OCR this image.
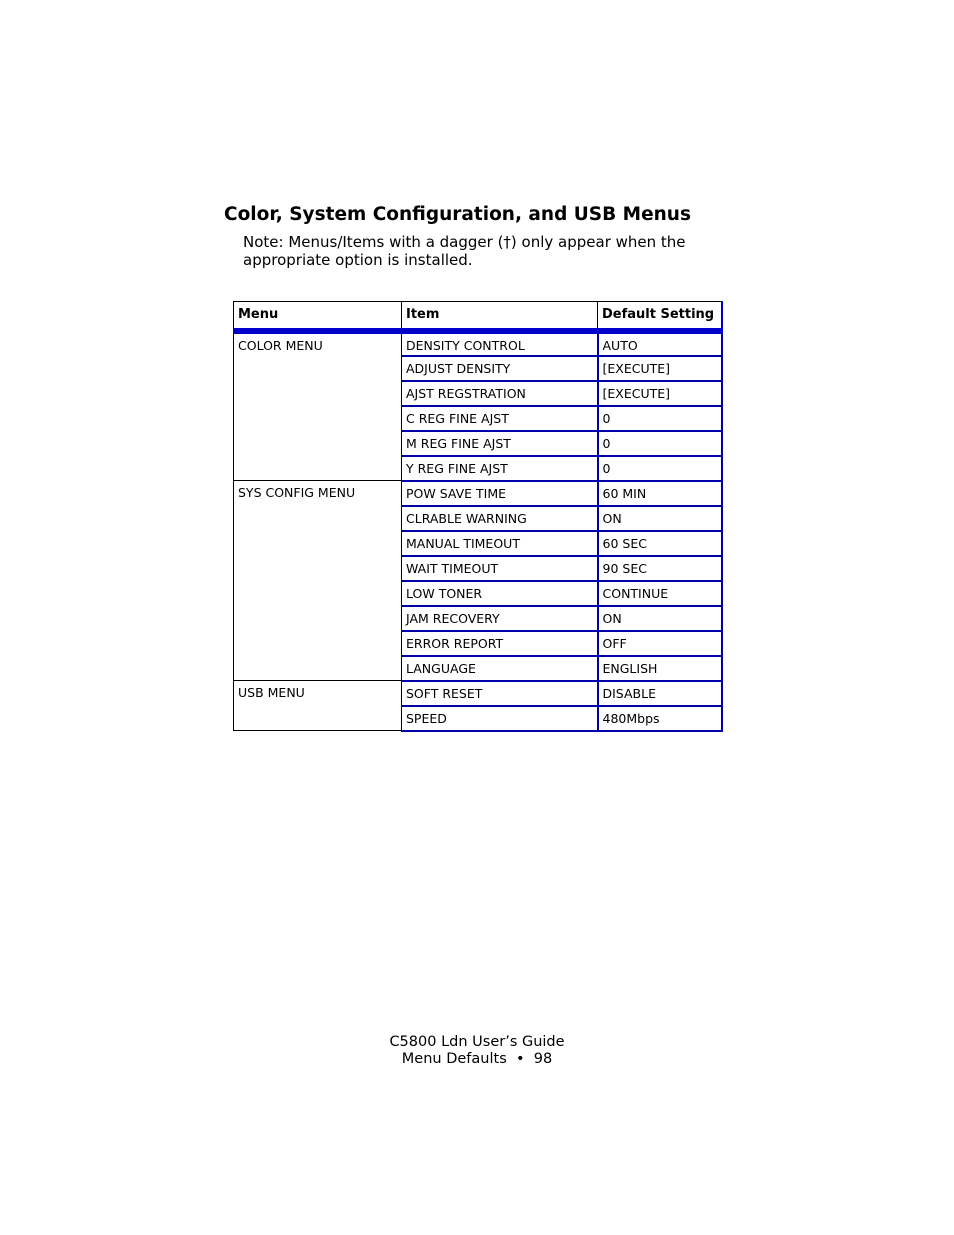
Color, System Configuration, and USB Menus

Note: Menus/Items with a dagger (†) only appear when the appropriate option is installed.

Menu	Item	Default Setting
COLOR MENU	DENSITY CONTROL	AUTO
	ADJUST DENSITY	[EXECUTE]
	AJST REGSTRATION	[EXECUTE]
	C REG FINE AJST	0
	M REG FINE AJST	0
	Y REG FINE AJST	0
SYS CONFIG MENU	POW SAVE TIME	60 MIN
	CLRABLE WARNING	ON
	MANUAL TIMEOUT	60 SEC
	WAIT TIMEOUT	90 SEC
	LOW TONER	CONTINUE
	JAM RECOVERY	ON
	ERROR REPORT	OFF
	LANGUAGE	ENGLISH
USB MENU	SOFT RESET	DISABLE
	SPEED	480Mbps
C5800 Ldn User’s Guide
Menu Defaults  •  98
